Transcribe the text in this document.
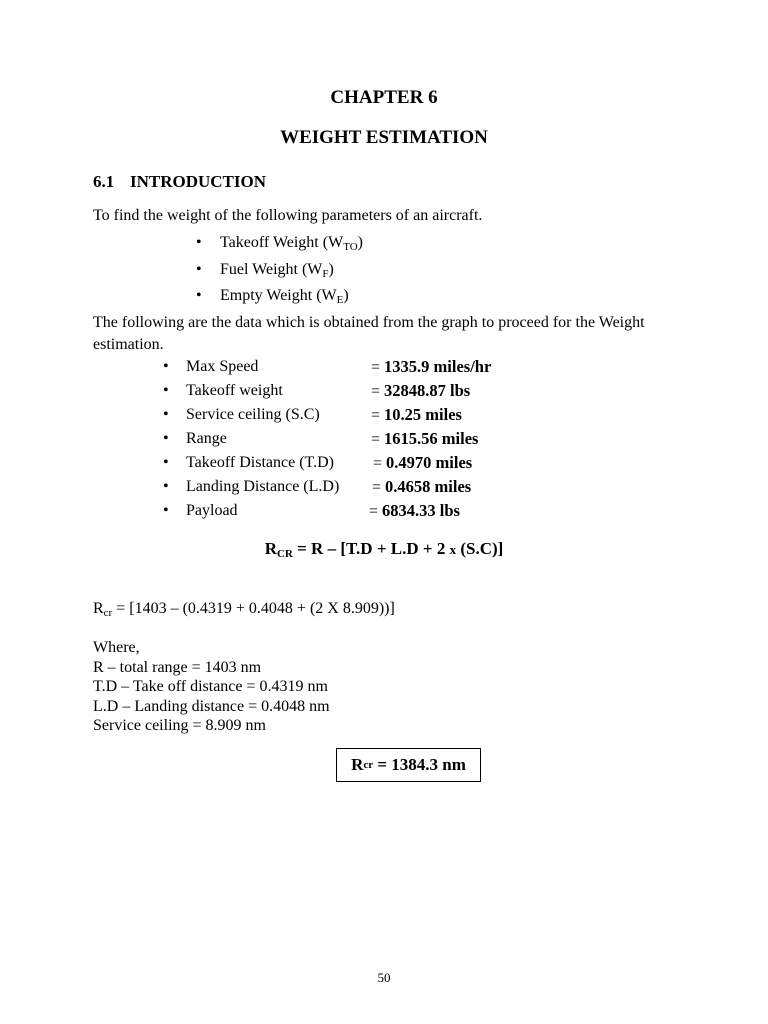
CHAPTER 6
WEIGHT ESTIMATION
6.1 INTRODUCTION
To find the weight of the following parameters of an aircraft.
• Takeoff Weight $(W_{TO})$
• Fuel Weight $(W_F)$
• Empty Weight $(W_E)$
The following are the data which is obtained from the graph to proceed for the Weight estimation.
• Max Speed	= 1335.9 miles/hr
• Takeoff weight	= 32848.87 lbs
• Service ceiling (S.C)	= 10.25 miles
• Range	= 1615.56 miles
• Takeoff Distance (T.D) = 0.4970 miles
• Landing Distance (L.D) = 0.4658 miles
• Payload	= 6834.33 lbs
$R_{CR} = R - [T.D + L.D + 2$ x (S.C)]
$R_{cr} = [1403 - (0.4319 + 0.4048 + (2$ X 8.909))]
Where,
R – total range = 1403 nm
T.D – Take off distance = 0.4319 nm
L.D – Landing distance = 0.4048 nm
Service ceiling = 8.909 nm
R cr = 1384.3 nm
50
